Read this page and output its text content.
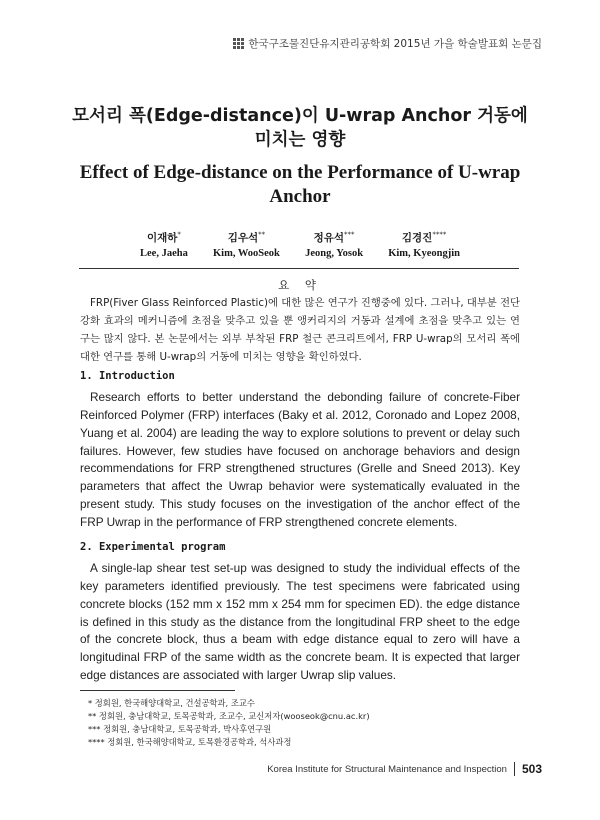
한국구조물진단유지관리공학회 2015년 가을 학술발표회 논문집
모서리 폭(Edge-distance)이 U-wrap Anchor 거동에
미치는 영향
Effect of Edge-distance on the Performance of U-wrap
Anchor
이재하*
Lee, Jaeha
김우석**
Kim, WooSeok
정유석***
Jeong, Yosok
김경진****
Kim, Kyeongjin
요 약
FRP(Fiver Glass Reinforced Plastic)에 대한 많은 연구가 진행중에 있다. 그러나, 대부분 전단강화 효과의 메커니즘에 초점을 맞추고 있을 뿐 앵커리지의 거동과 설계에 초점을 맞추고 있는 연구는 많지 않다. 본 논문에서는 외부 부착된 FRP 철근 콘크리트에서, FRP U-wrap의 모서리 폭에 대한 연구를 통해 U-wrap의 거동에 미치는 영향을 확인하였다.
1. Introduction
Research efforts to better understand the debonding failure of concrete-Fiber Reinforced Polymer (FRP) interfaces (Baky et al. 2012, Coronado and Lopez 2008, Yuang et al. 2004) are leading the way to explore solutions to prevent or delay such failures. However, few studies have focused on anchorage behaviors and design recommendations for FRP strengthened structures (Grelle and Sneed 2013). Key parameters that affect the Uwrap behavior were systematically evaluated in the present study. This study focuses on the investigation of the anchor effect of the FRP Uwrap in the performance of FRP strengthened concrete elements.
2. Experimental program
A single-lap shear test set-up was designed to study the individual effects of the key parameters identified previously. The test specimens were fabricated using concrete blocks (152 mm x 152 mm x 254 mm for specimen ED). the edge distance is defined in this study as the distance from the longitudinal FRP sheet to the edge of the concrete block, thus a beam with edge distance equal to zero will have a longitudinal FRP of the same width as the concrete beam. It is expected that larger edge distances are associated with larger Uwrap slip values.
* 정회원, 한국해양대학교, 건설공학과, 조교수
** 정회원, 충남대학교, 토목공학과, 조교수, 교신저자(wooseok@cnu.ac.kr)
*** 정회원, 충남대학교, 토목공학과, 박사후연구원
**** 정회원, 한국해양대학교, 토목환경공학과, 석사과정
Korea Institute for Structural Maintenance and Inspection 503
